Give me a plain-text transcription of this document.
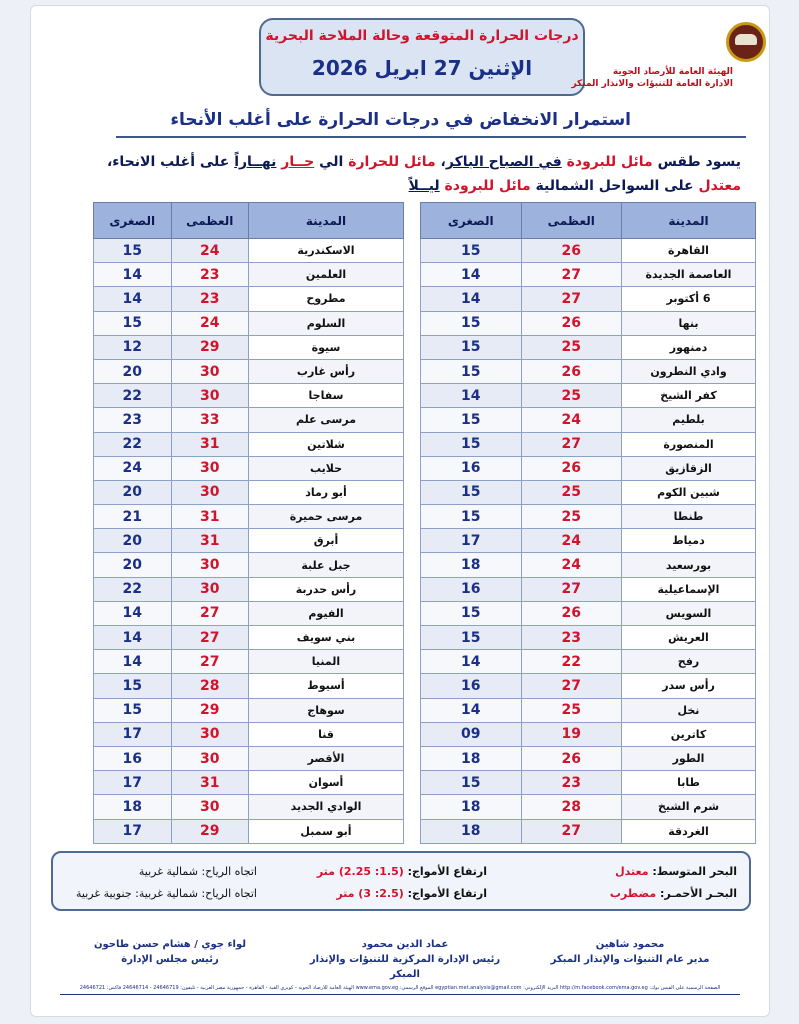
درجات الحرارة المتوقعة وحالة الملاحة البحرية
الإثنين 27 ابريل 2026	الهيئة العامة للأرصاد الجوية
الادارة العامة للتنبؤات والانذار المبكر
استمرار الانخفاض في درجات الحرارة على أغلب الأنحاء
يسود طقس مائل للبرودة في الصباح الباكر، مائل للحرارة الي حــار نهــاراً على أغلب الانحاء،
معتدل على السواحل الشمالية مائل للبرودة ليــلاً
المدينة	العظمى	الصغرى
القاهرة	26	15
العاصمة الجديدة	27	14
6 أكتوبر	27	14
بنها	26	15
دمنهور	25	15
وادي النطرون	26	15
كفر الشيخ	25	14
بلطيم	24	15
المنصورة	27	15
الزقازيق	26	16
شبين الكوم	25	15
طنطا	25	15
دمياط	24	17
بورسعيد	24	18
الإسماعيلية	27	16
السويس	26	15
العريش	23	15
رفح	22	14
رأس سدر	27	16
نخل	25	14
كاترين	19	09
الطور	26	18
طابا	23	15
شرم الشيخ	28	18
الغردقة	27	18
المدينة	العظمى	الصغرى
الاسكندرية	24	15
العلمين	23	14
مطروح	23	14
السلوم	24	15
سيوة	29	12
رأس غارب	30	20
سفاجا	30	22
مرسى علم	33	23
شلاتين	31	22
حلايب	30	24
أبو رماد	30	20
مرسى حميرة	31	21
أبرق	31	20
جبل علبة	30	20
رأس حدربة	30	22
الفيوم	27	14
بني سويف	27	14
المنيا	27	14
أسيوط	28	15
سوهاج	29	15
قنا	30	17
الأقصر	30	16
أسوان	31	17
الوادي الجديد	30	18
أبو سمبل	29	17
البحر المتوسط: معتدل
ارتفاع الأمواج: (1.5: 2.25) متر
اتجاه الرياح: شمالية غربية
البحـر الأحمـر: مضطرب
ارتفاع الأمواج: (2.5: 3) متر
اتجاه الرياح: شمالية غربية: جنوبية غربية
محمود شاهين
مدير عام التنبؤات والإنذار المبكر
عماد الدين محمود
رئيس الإدارة المركزية للتنبؤات والإنذار المبكر
لواء جوي / هشام حسن طاحون
رئيس مجلس الإدارة
الصفحة الرسمية على الفيس بوك: http://m.facebook.com/ema.gov.eg البريد الإلكتروني: egyptian.met.analysis@gmail.com الموقع الرسمي: www.ema.gov.eg الهيئة العامة للأرصاد الجوية - كوبري القبة - القاهرة - جمهورية مصر العربية - تليفون: 24646719 - 24646714 فاكس: 24646721
